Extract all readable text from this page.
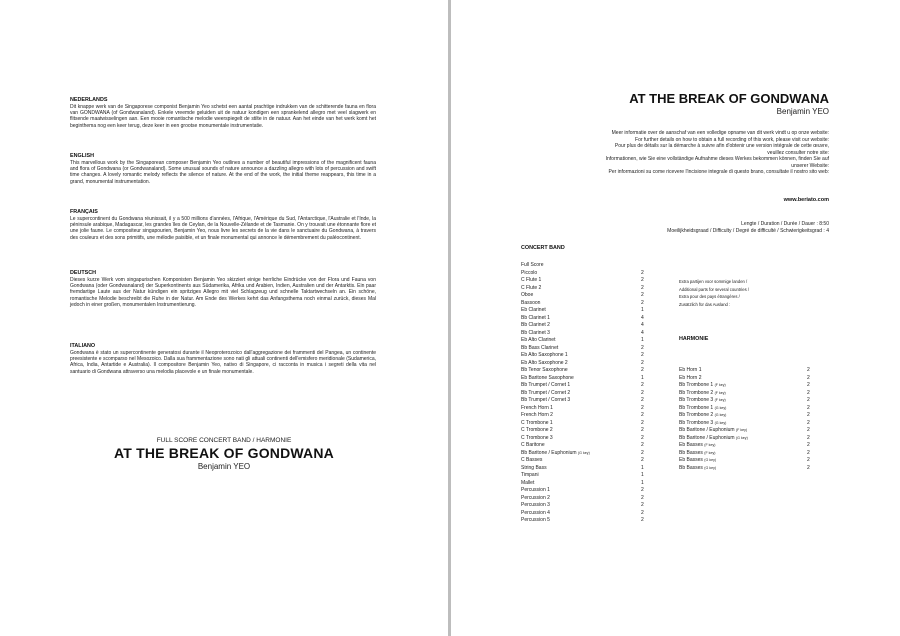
NEDERLANDS

Dit knappe werk van de Singaporese componist Benjamin Yeo schetst een aantal prachtige indrukken van de schitterende fauna en flora van GONDWANA (of Gondwanaland). Enkele vreemde geluiden uit de natuur kondigen een sprankelend allegro met veel slagwerk en flitsende maatwisselingen aan. Een mooie romantische melodie weerspiegelt de stilte in de natuur. Aan het einde van het werk komt het beginthema nog een keer terug, deze keer in een grootse monumentale instrumentatie.

ENGLISH

This marvellous work by the Singaporean composer Benjamin Yeo outlines a number of beautiful impressions of the magnificent fauna and flora of Gondwana (or Gondwanaland). Some unusual sounds of nature announce a dazzling allegro with lots of percussion and swift time changes. A lovely romantic melody reflects the silence of nature. At the end of the work, the initial theme reappears, this time in a grand, monumental instrumentation.

FRANÇAIS

Le supercontinent du Gondwana réunissait, il y a 500 millions d'années, l'Afrique, l'Amérique du Sud, l'Antarctique, l'Australie et l'Inde, la péninsule arabique, Madagascar, les grandes îles de Ceylan, de la Nouvelle-Zélande et de Tasmanie. On y trouvait une étonnante flore et une jolie faune. Le compositeur singapourien, Benjamin Yeo, nous livre les secrets de la vie dans le sanctuaire du Gondwana, à travers des couleurs et des sons primitifs, une mélodie paisible, et un finale monumental qui annonce le démembrement du paléocontinent.

DEUTSCH

Dieses kurze Werk vom singapurischen Komponisten Benjamin Yeo skizziert einige herrliche Eindrücke von der Flora und Fauna von Gondwana (oder Gondwanaland) der Superkontinents aus Südamerika, Afrika und Arabien, Indien, Australien und der Antarktis. Ein paar fremdartige Laute aus der Natur kündigen ein spritziges Allegro mit viel Schlagzeug und schnelle Taktartwechseln an. Ein schöne, romantische Melodie beschreibt die Ruhe in der Natur. Am Ende des Werkes kehrt das Anfangsthema noch einmal zurück, dieses Mal jedoch in einer großen, monumentalen Instrumentierung.

ITALIANO

Gondwana è stato un supercontinente generatosi durante il Neoproterozoico dall'aggregazione dei frammenti del Pangea, un continente preesistente e scomparso nel Mesozoico. Dalla sua frammentazione sono nati gli attuali continenti dell'emisfero meridionale (Sudamerica, Africa, India, Antartide e Australia). Il compositore Benjamin Yeo, nativo di Singapore, ci racconta in musica i segreti della vita nel santuario di Gondwana attraverso una melodia placevole e un finale monumentale.

FULL SCORE CONCERT BAND / HARMONIE
AT THE BREAK OF GONDWANA
Benjamin YEO
AT THE BREAK OF GONDWANA
Benjamin YEO
Meer informatie over de aanschaf van een volledige opname van dit werk vindt u op onze website:
For further details on how to obtain a full recording of this work, please visit our website:
Pour plus de détails sur la démarche à suivre afin d'obtenir une version intégrale de cette œuvre,
veuillez consulter notre site:
Informationen, wie Sie eine vollständige Aufnahme dieses Werkes bekommen können, finden Sie auf
unserer Website:
Per informazioni su come ricevere l'incisione integrale di questo brano, consultate il nostro sito web:
www.beriato.com
Lengte / Duration / Durée / Dauer : 8:50
Moeilijkheidsgraad / Difficulty / Degré de difficulté / Schwierigkeitsgrad : 4
CONCERT BAND
Full Score
Piccolo	2
C Flute 1	2
C Flute 2	2
Oboe	2
Bassoon	2
Eb Clarinet	1
Bb Clarinet 1	4
Bb Clarinet 2	4
Bb Clarinet 3	4
Eb Alto Clarinet	1
Bb Bass Clarinet	2
Eb Alto Saxophone 1	2
Eb Alto Saxophone 2	2
Bb Tenor Saxophone	2
Eb Baritone Saxophone	1
Bb Trumpet / Cornet 1	2
Bb Trumpet / Cornet 2	2
Bb Trumpet / Cornet 3	2
French Horn 1	2
French Horn 2	2
C Trombone 1	2
C Trombone 2	2
C Trombone 3	2
C Baritone	2
Bb Baritone / Euphonium (G key)	2
C Basses	2
String Bass	1
Timpani	1
Mallet	1
Percussion 1	2
Percussion 2	2
Percussion 3	2
Percussion 4	2
Percussion 5	2
Extra partijen voor sommige landen /
Additional parts for several countries /
Extra pour des pays étrangères /
Zusätzlich für das Ausland :
HARMONIE
Eb Horn 1	2
Eb Horn 2	2
Bb Trombone 1 (F key)	2
Bb Trombone 2 (F key)	2
Bb Trombone 3 (F key)	2
Bb Trombone 1 (G key)	2
Bb Trombone 2 (G key)	2
Bb Trombone 3 (G key)	2
Bb Baritone / Euphonium (F key)	2
Bb Baritone / Euphonium (G key)	2
Eb Basses (F key)	2
Bb Basses (F key)	2
Eb Basses (G key)	2
Bb Basses (G key)	2
